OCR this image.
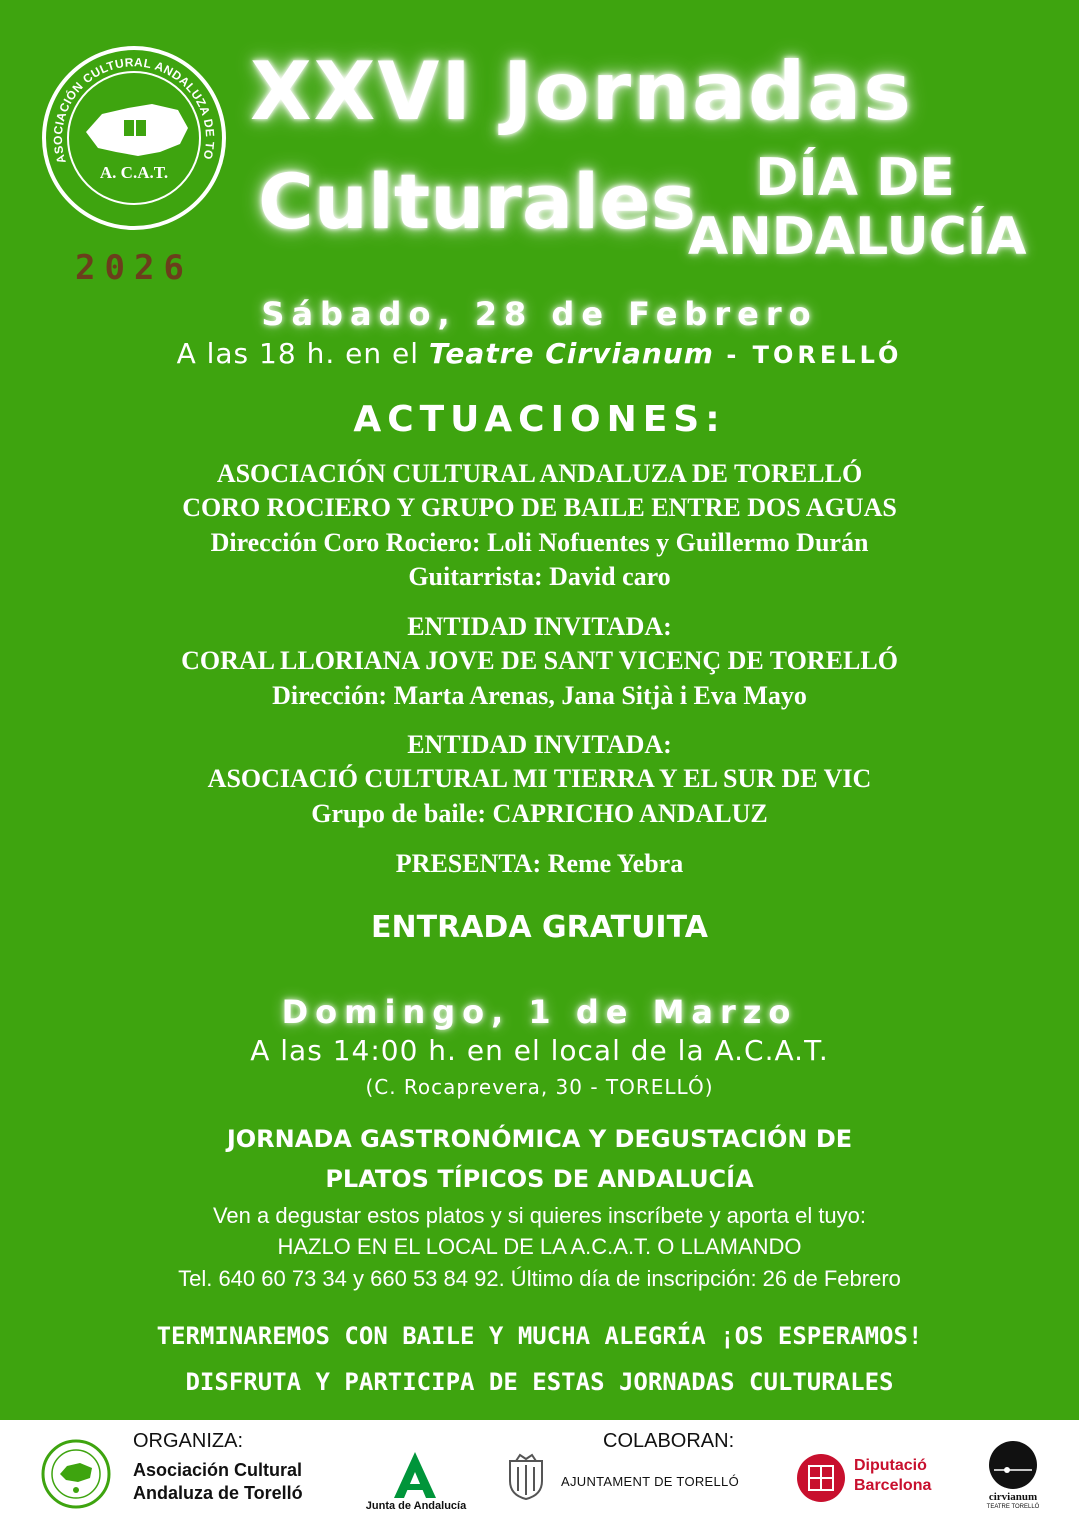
ASOCIACIÓN CULTURAL ANDALUZA DE TO
A. C.A.T.
2026
XXVI Jornadas
Culturales	DÍA DE
ANDALUCÍA
Sábado, 28 de Febrero
A las 18 h. en el Teatre Cirvianum - TORELLÓ
ACTUACIONES:
ASOCIACIÓN CULTURAL ANDALUZA DE TORELLÓ
CORO ROCIERO Y GRUPO DE BAILE ENTRE DOS AGUAS
Dirección Coro Rociero: Loli Nofuentes y Guillermo Durán
Guitarrista: David caro
ENTIDAD INVITADA:
CORAL LLORIANA JOVE DE SANT VICENÇ DE TORELLÓ
Dirección: Marta Arenas, Jana Sitjà i Eva Mayo
ENTIDAD INVITADA:
ASOCIACIÓ CULTURAL MI TIERRA Y EL SUR DE VIC
Grupo de baile: CAPRICHO ANDALUZ
PRESENTA: Reme Yebra
ENTRADA GRATUITA
Domingo, 1 de Marzo
A las 14:00 h. en el local de la A.C.A.T.
(C. Rocaprevera, 30 - TORELLÓ)
JORNADA GASTRONÓMICA Y DEGUSTACIÓN DE
PLATOS TÍPICOS DE ANDALUCÍA
Ven a degustar estos platos y si quieres inscríbete y aporta el tuyo:
HAZLO EN EL LOCAL DE LA A.C.A.T. O LLAMANDO
Tel. 640 60 73 34 y 660 53 84 92. Último día de inscripción: 26 de Febrero
TERMINAREMOS CON BAILE Y MUCHA ALEGRÍA ¡OS ESPERAMOS!
DISFRUTA Y PARTICIPA DE ESTAS JORNADAS CULTURALES
ORGANIZA:
Asociación Cultural
Andaluza de Torelló
Junta de Andalucía
COLABORAN:
AJUNTAMENT DE TORELLÓ
Diputació
Barcelona
cirvianum
TEATRE TORELLÓ
